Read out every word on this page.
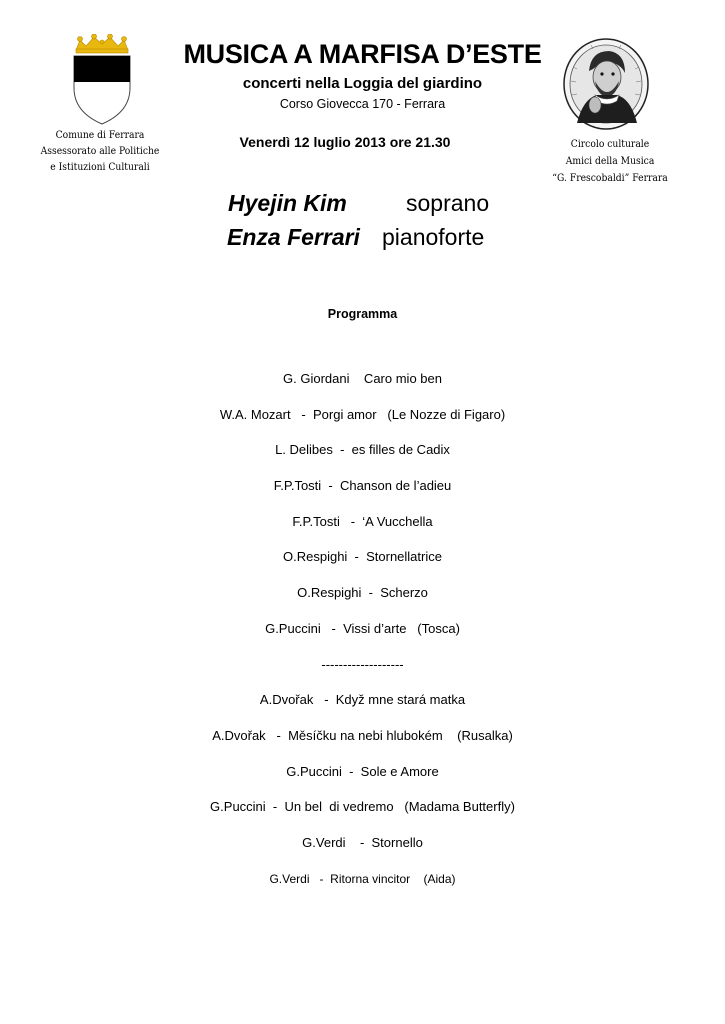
Comune di Ferrara
Assessorato alle Politiche
e Istituzioni Culturali
Circolo culturale
Amici della Musica
“G. Frescobaldi” Ferrara
MUSICA A MARFISA D’ESTE
concerti nella Loggia del giardino
Corso Giovecca 170 - Ferrara
Venerdì 12 luglio 2013 ore 21.30
Hyejin Kim	soprano
Enza Ferrari pianoforte
Programma
G. Giordani    Caro mio ben
W.A. Mozart   -  Porgi amor   (Le Nozze di Figaro)
L. Delibes  -  es filles de Cadix
F.P.Tosti  -  Chanson de l’adieu
F.P.Tosti   -  ‘A Vucchella
O.Respighi  -  Stornellatrice
O.Respighi  -  Scherzo
G.Puccini   -  Vissi d’arte   (Tosca)
-------------------
A.Dvořak   -  Když mne stará matka
A.Dvořak   -  Měsíčku na nebi hlubokém    (Rusalka)
G.Puccini  -  Sole e Amore
G.Puccini  -  Un bel  di vedremo   (Madama Butterfly)
G.Verdi    -  Stornello
G.Verdi   -  Ritorna vincitor    (Aida)
